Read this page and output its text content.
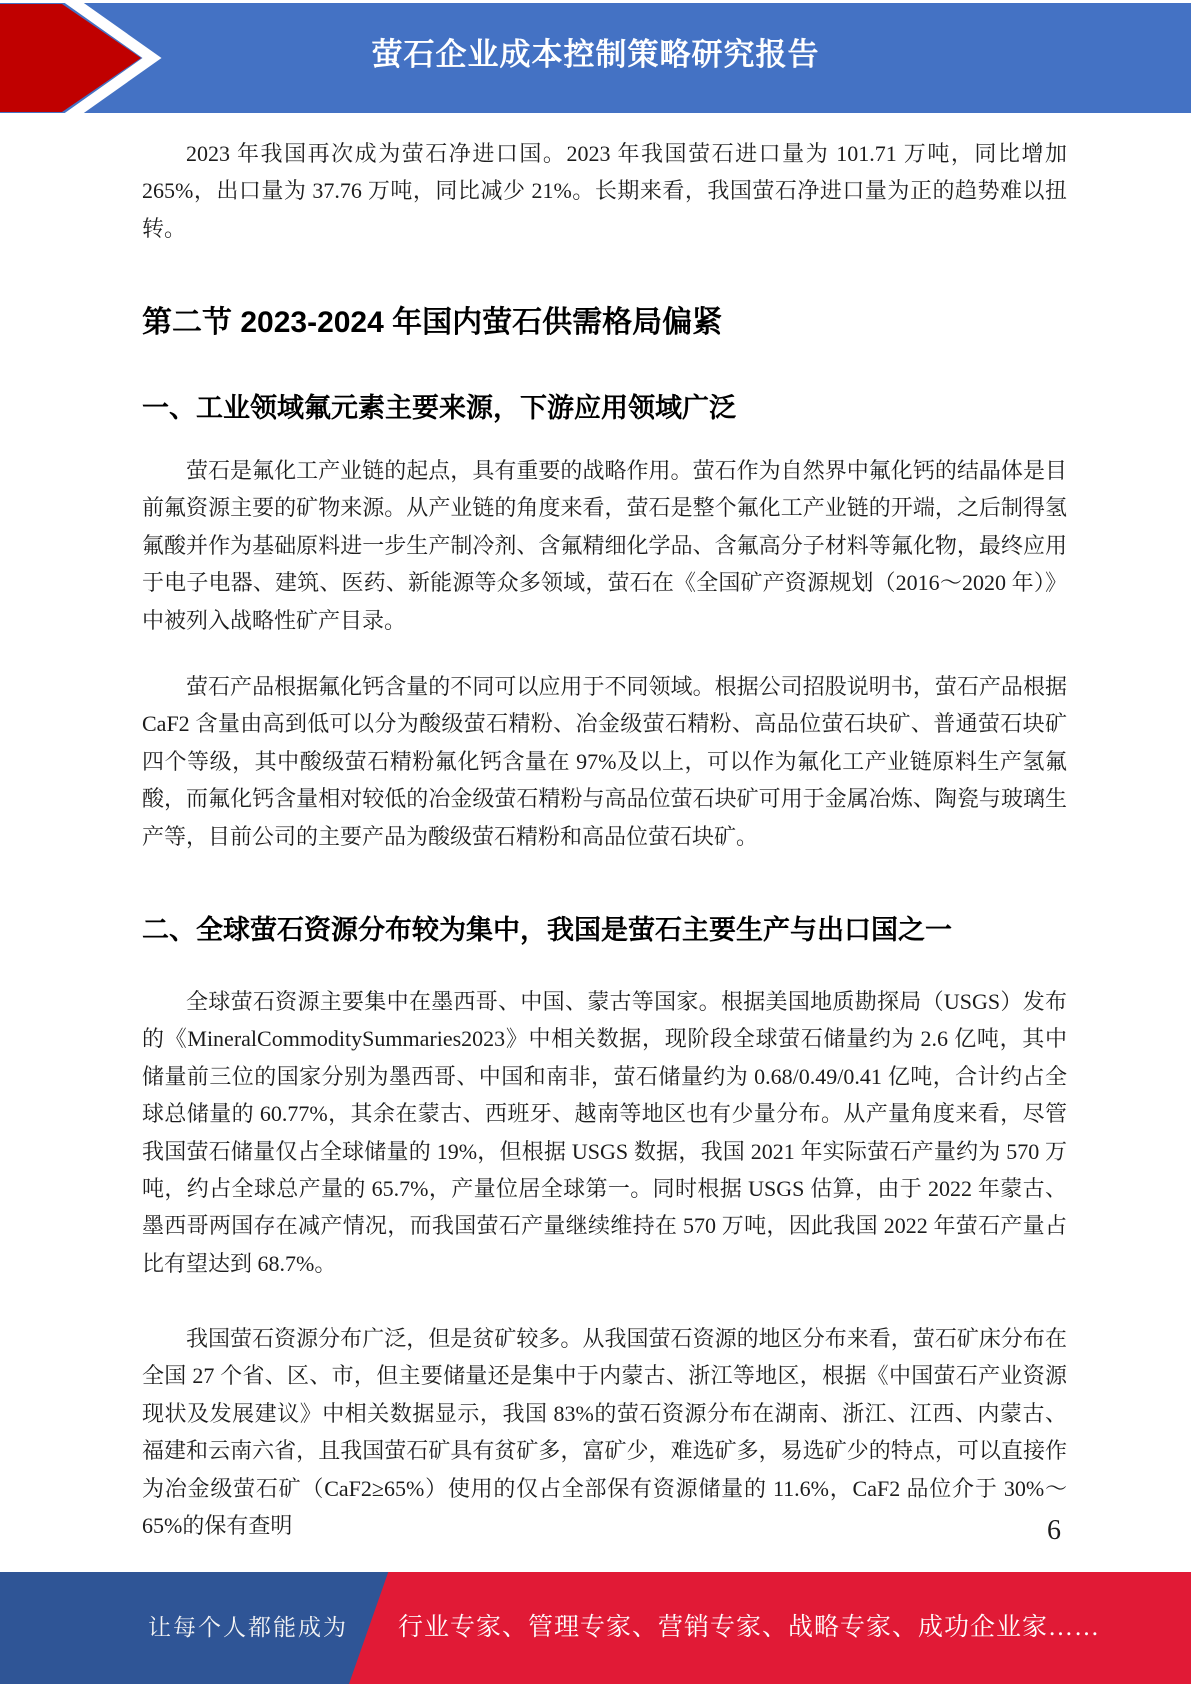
萤石企业成本控制策略研究报告

2023 年我国再次成为萤石净进口国。2023 年我国萤石进口量为 101.71 万吨，同比增加 265%，出口量为 37.76 万吨，同比减少 21%。长期来看，我国萤石净进口量为正的趋势难以扭转。

第二节 2023-2024 年国内萤石供需格局偏紧
一、工业领域氟元素主要来源，下游应用领域广泛

萤石是氟化工产业链的起点，具有重要的战略作用。萤石作为自然界中氟化钙的结晶体是目前氟资源主要的矿物来源。从产业链的角度来看，萤石是整个氟化工产业链的开端，之后制得氢氟酸并作为基础原料进一步生产制冷剂、含氟精细化学品、含氟高分子材料等氟化物，最终应用于电子电器、建筑、医药、新能源等众多领域，萤石在《全国矿产资源规划（2016～2020 年）》中被列入战略性矿产目录。

萤石产品根据氟化钙含量的不同可以应用于不同领域。根据公司招股说明书，萤石产品根据 CaF2 含量由高到低可以分为酸级萤石精粉、冶金级萤石精粉、高品位萤石块矿、普通萤石块矿四个等级，其中酸级萤石精粉氟化钙含量在 97%及以上，可以作为氟化工产业链原料生产氢氟酸，而氟化钙含量相对较低的冶金级萤石精粉与高品位萤石块矿可用于金属冶炼、陶瓷与玻璃生产等，目前公司的主要产品为酸级萤石精粉和高品位萤石块矿。

二、全球萤石资源分布较为集中，我国是萤石主要生产与出口国之一

全球萤石资源主要集中在墨西哥、中国、蒙古等国家。根据美国地质勘探局（USGS）发布的《MineralCommoditySummaries2023》中相关数据，现阶段全球萤石储量约为 2.6 亿吨，其中储量前三位的国家分别为墨西哥、中国和南非，萤石储量约为 0.68/0.49/0.41 亿吨，合计约占全球总储量的 60.77%，其余在蒙古、西班牙、越南等地区也有少量分布。从产量角度来看，尽管我国萤石储量仅占全球储量的 19%，但根据 USGS 数据，我国 2021 年实际萤石产量约为 570 万吨，约占全球总产量的 65.7%，产量位居全球第一。同时根据 USGS 估算，由于 2022 年蒙古、墨西哥两国存在减产情况，而我国萤石产量继续维持在 570 万吨，因此我国 2022 年萤石产量占比有望达到 68.7%。

我国萤石资源分布广泛，但是贫矿较多。从我国萤石资源的地区分布来看，萤石矿床分布在全国 27 个省、区、市，但主要储量还是集中于内蒙古、浙江等地区，根据《中国萤石产业资源现状及发展建议》中相关数据显示，我国 83%的萤石资源分布在湖南、浙江、江西、内蒙古、福建和云南六省，且我国萤石矿具有贫矿多，富矿少，难选矿多，易选矿少的特点，可以直接作为冶金级萤石矿（CaF2≥65%）使用的仅占全部保有资源储量的 11.6%，CaF2 品位介于 30%～65%的保有查明	6
让每个人都能成为 行业专家、管理专家、营销专家、战略专家、成功企业家……
